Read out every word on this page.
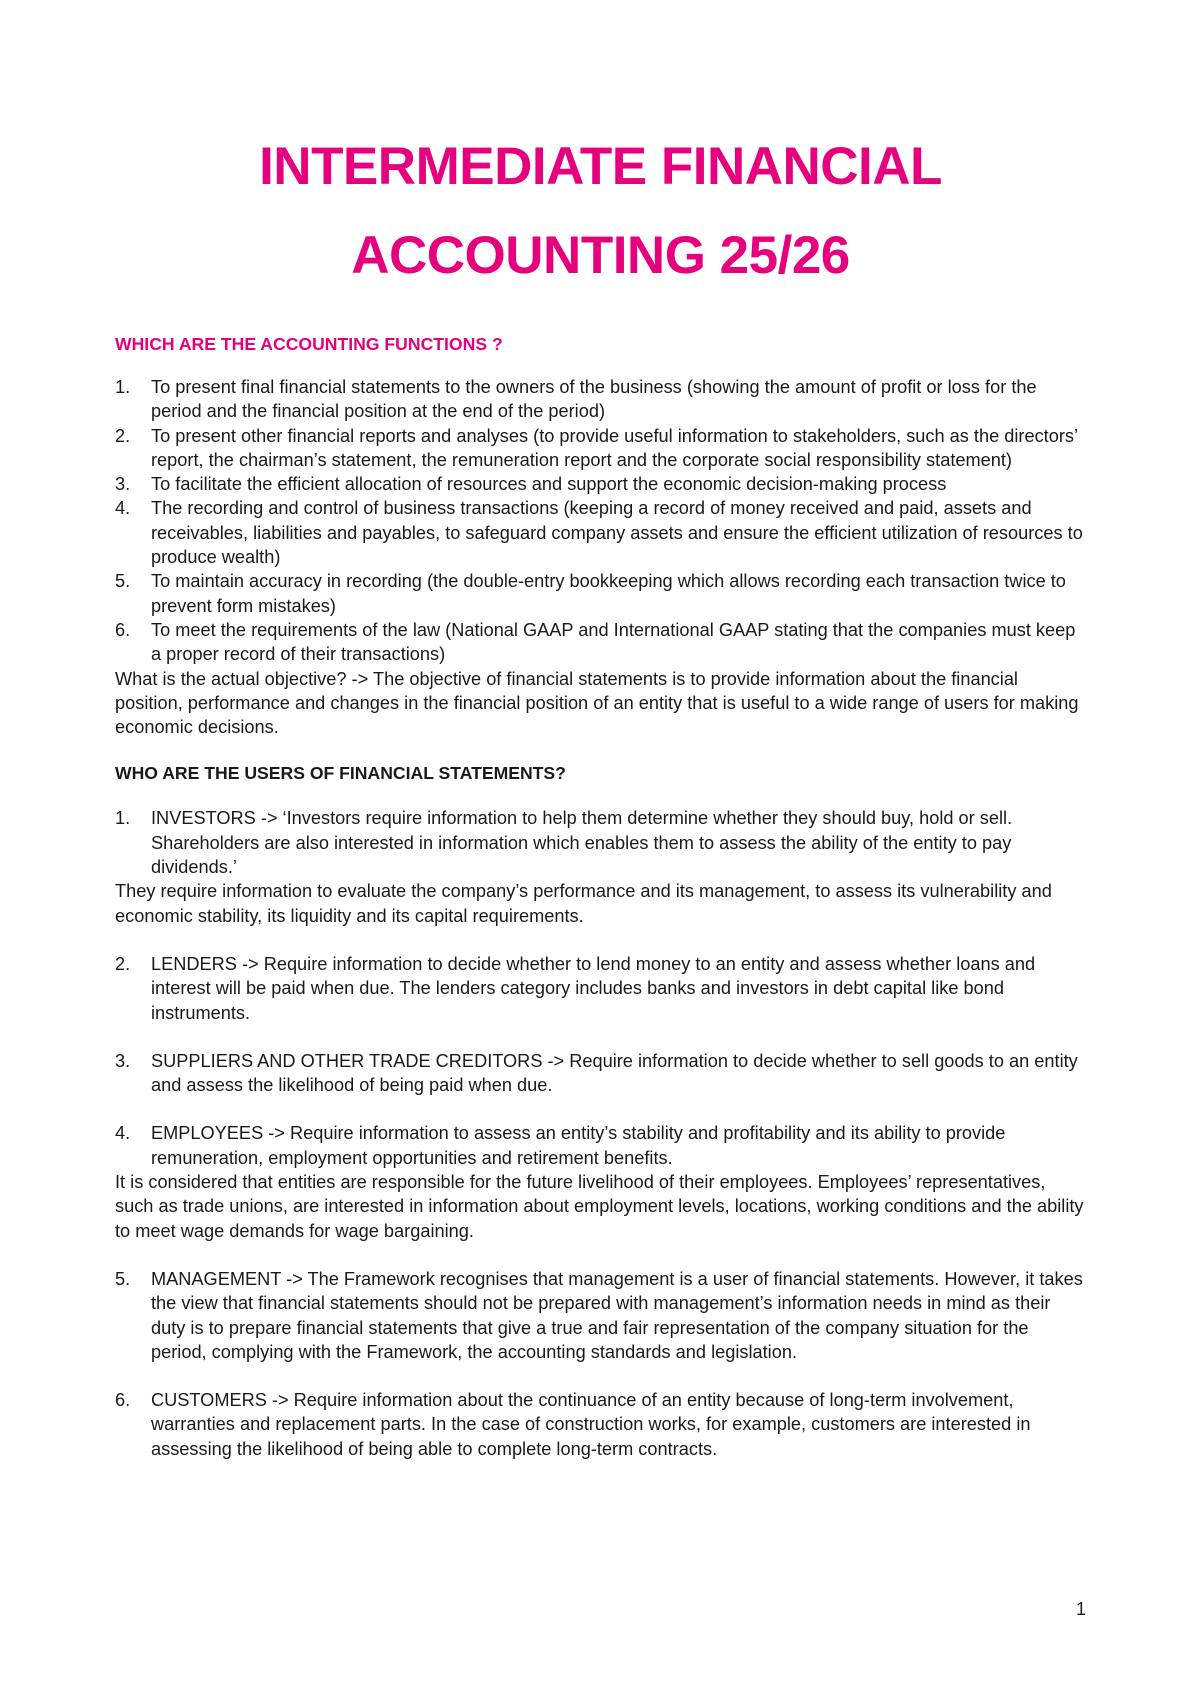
INTERMEDIATE FINANCIAL
ACCOUNTING 25/26
WHICH ARE THE ACCOUNTING FUNCTIONS ?
1. To present final financial statements to the owners of the business (showing the amount of profit or loss for the period and the financial position at the end of the period)
2. To present other financial reports and analyses (to provide useful information to stakeholders, such as the directors’ report, the chairman’s statement, the remuneration report and the corporate social responsibility statement)
3. To facilitate the efficient allocation of resources and support the economic decision-making process
4. The recording and control of business transactions (keeping a record of money received and paid, assets and receivables, liabilities and payables, to safeguard company assets and ensure the efficient utilization of resources to produce wealth)
5. To maintain accuracy in recording (the double-entry bookkeeping which allows recording each transaction twice to prevent form mistakes)
6. To meet the requirements of the law (National GAAP and International GAAP stating that the companies must keep a proper record of their transactions)

What is the actual objective? -> The objective of financial statements is to provide information about the financial position, performance and changes in the financial position of an entity that is useful to a wide range of users for making economic decisions.

WHO ARE THE USERS OF FINANCIAL STATEMENTS?
1. INVESTORS -> ‘Investors require information to help them determine whether they should buy, hold or sell. Shareholders are also interested in information which enables them to assess the ability of the entity to pay dividends.’

They require information to evaluate the company’s performance and its management, to assess its vulnerability and economic stability, its liquidity and its capital requirements.

2. LENDERS -> Require information to decide whether to lend money to an entity and assess whether loans and interest will be paid when due. The lenders category includes banks and investors in debt capital like bond instruments.
3. SUPPLIERS AND OTHER TRADE CREDITORS -> Require information to decide whether to sell goods to an entity and assess the likelihood of being paid when due.
4. EMPLOYEES -> Require information to assess an entity’s stability and profitability and its ability to provide remuneration, employment opportunities and retirement benefits.

It is considered that entities are responsible for the future livelihood of their employees. Employees’ representatives, such as trade unions, are interested in information about employment levels, locations, working conditions and the ability to meet wage demands for wage bargaining.

5. MANAGEMENT -> The Framework recognises that management is a user of financial statements. However, it takes the view that financial statements should not be prepared with management’s information needs in mind as their duty is to prepare financial statements that give a true and fair representation of the company situation for the period, complying with the Framework, the accounting standards and legislation.
6. CUSTOMERS -> Require information about the continuance of an entity because of long-term involvement, warranties and replacement parts. In the case of construction works, for example, customers are interested in assessing the likelihood of being able to complete long-term contracts.
1
